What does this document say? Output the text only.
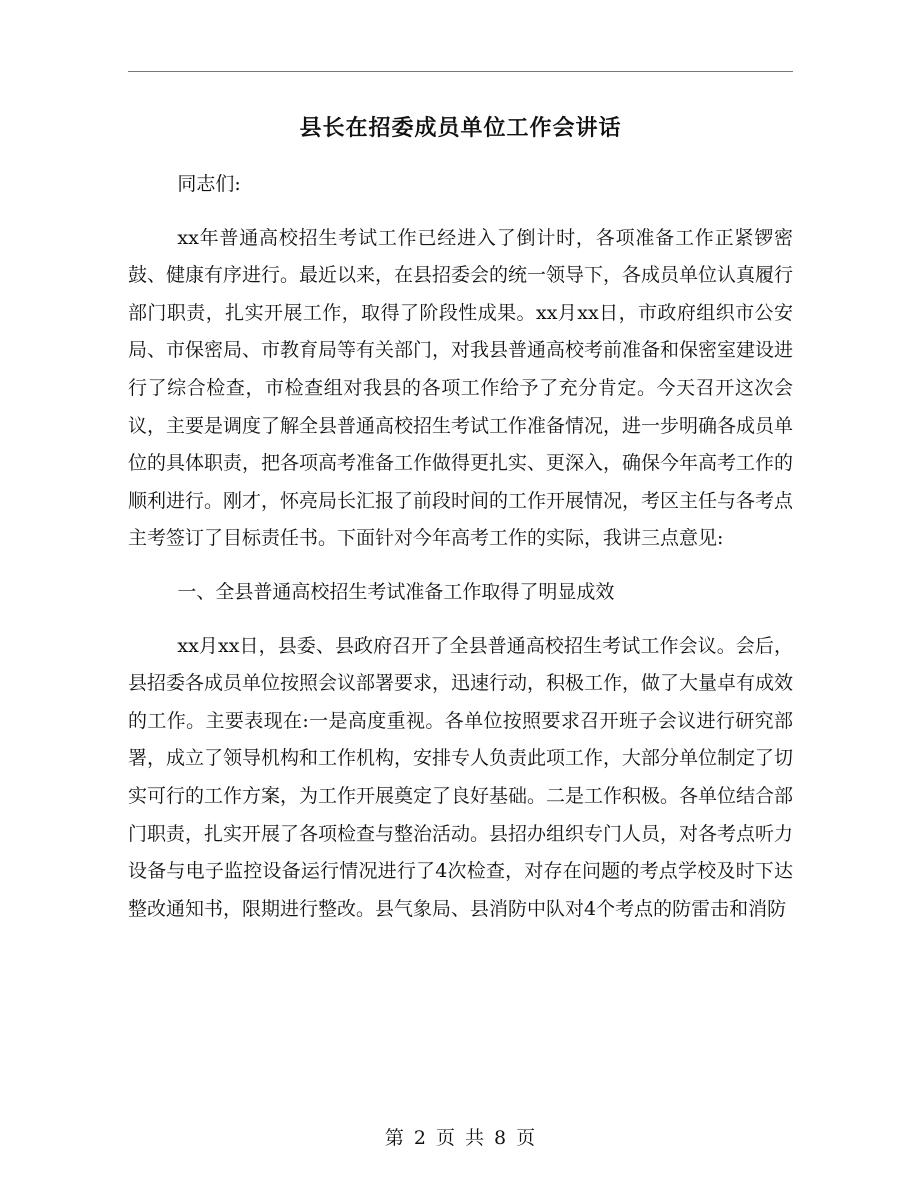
县长在招委成员单位工作会讲话

同志们:

xx年普通高校招生考试工作已经进入了倒计时，各项准备工作正紧锣密鼓、健康有序进行。最近以来，在县招委会的统一领导下，各成员单位认真履行部门职责，扎实开展工作，取得了阶段性成果。xx月xx日，市政府组织市公安局、市保密局、市教育局等有关部门，对我县普通高校考前准备和保密室建设进行了综合检查，市检查组对我县的各项工作给予了充分肯定。今天召开这次会议，主要是调度了解全县普通高校招生考试工作准备情况，进一步明确各成员单位的具体职责，把各项高考准备工作做得更扎实、更深入，确保今年高考工作的顺利进行。刚才，怀亮局长汇报了前段时间的工作开展情况，考区主任与各考点主考签订了目标责任书。下面针对今年高考工作的实际，我讲三点意见:

一、全县普通高校招生考试准备工作取得了明显成效

xx月xx日，县委、县政府召开了全县普通高校招生考试工作会议。会后，县招委各成员单位按照会议部署要求，迅速行动，积极工作，做了大量卓有成效的工作。主要表现在:一是高度重视。各单位按照要求召开班子会议进行研究部署，成立了领导机构和工作机构，安排专人负责此项工作，大部分单位制定了切实可行的工作方案，为工作开展奠定了良好基础。二是工作积极。各单位结合部门职责，扎实开展了各项检查与整治活动。县招办组织专门人员，对各考点听力设备与电子监控设备运行情况进行了4次检查，对存在问题的考点学校及时下达整改通知书，限期进行整改。县气象局、县消防中队对4个考点的防雷击和消防

第 2 页 共 8 页
